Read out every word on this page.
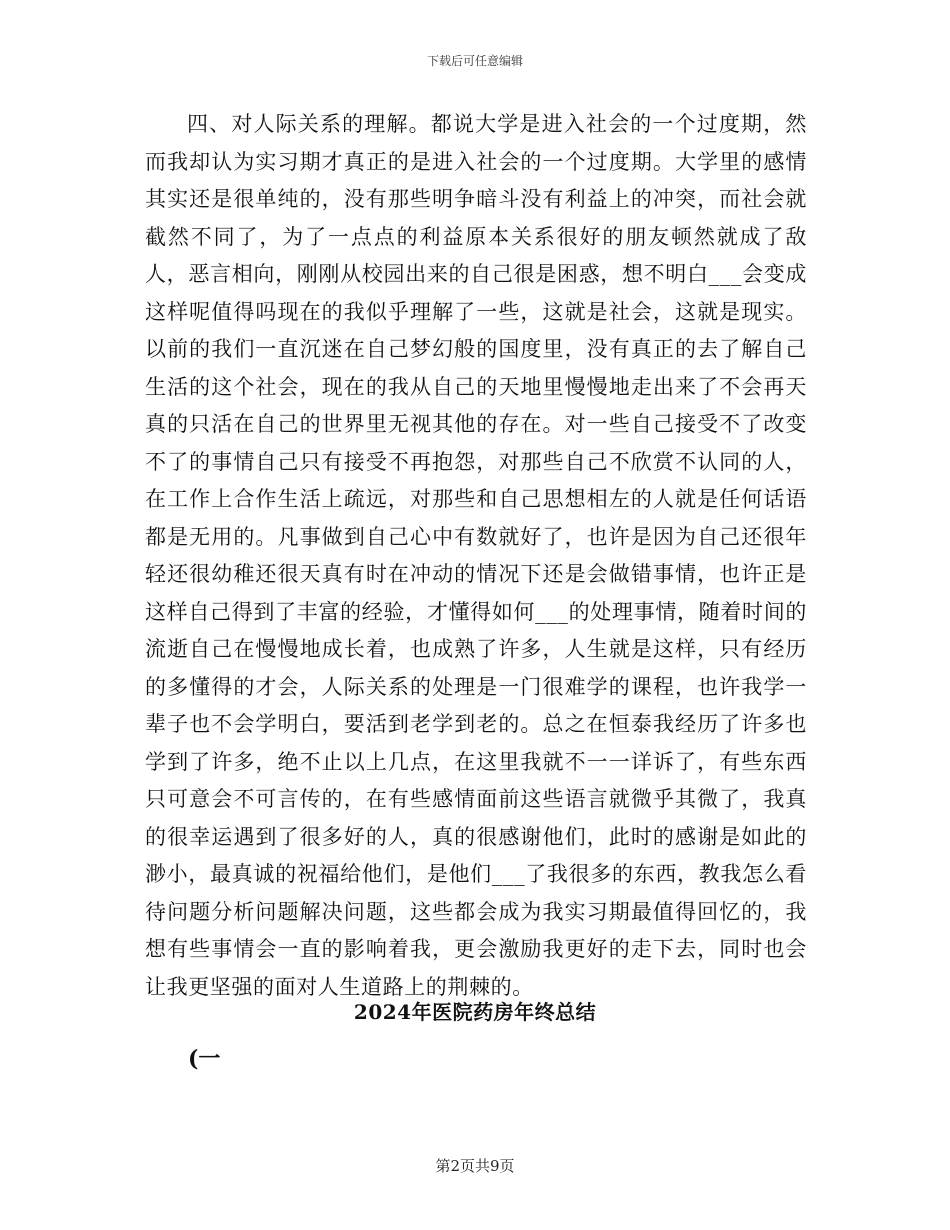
下载后可任意编辑

四、对人际关系的理解。都说大学是进入社会的一个过度期，然而我却认为实习期才真正的是进入社会的一个过度期。大学里的感情其实还是很单纯的，没有那些明争暗斗没有利益上的冲突，而社会就截然不同了，为了一点点的利益原本关系很好的朋友顿然就成了敌人，恶言相向，刚刚从校园出来的自己很是困惑，想不明白___会变成这样呢值得吗现在的我似乎理解了一些，这就是社会，这就是现实。以前的我们一直沉迷在自己梦幻般的国度里，没有真正的去了解自己生活的这个社会，现在的我从自己的天地里慢慢地走出来了不会再天真的只活在自己的世界里无视其他的存在。对一些自己接受不了改变不了的事情自己只有接受不再抱怨，对那些自己不欣赏不认同的人，在工作上合作生活上疏远，对那些和自己思想相左的人就是任何话语都是无用的。凡事做到自己心中有数就好了，也许是因为自己还很年轻还很幼稚还很天真有时在冲动的情况下还是会做错事情，也许正是这样自己得到了丰富的经验，才懂得如何___的处理事情，随着时间的流逝自己在慢慢地成长着，也成熟了许多，人生就是这样，只有经历的多懂得的才会，人际关系的处理是一门很难学的课程，也许我学一辈子也不会学明白，要活到老学到老的。总之在恒泰我经历了许多也学到了许多，绝不止以上几点，在这里我就不一一详诉了，有些东西只可意会不可言传的，在有些感情面前这些语言就微乎其微了，我真的很幸运遇到了很多好的人，真的很感谢他们，此时的感谢是如此的渺小，最真诚的祝福给他们，是他们___了我很多的东西，教我怎么看待问题分析问题解决问题，这些都会成为我实习期最值得回忆的，我想有些事情会一直的影响着我，更会激励我更好的走下去，同时也会让我更坚强的面对人生道路上的荆棘的。

2024年医院药房年终总结
(一
第2页共9页
